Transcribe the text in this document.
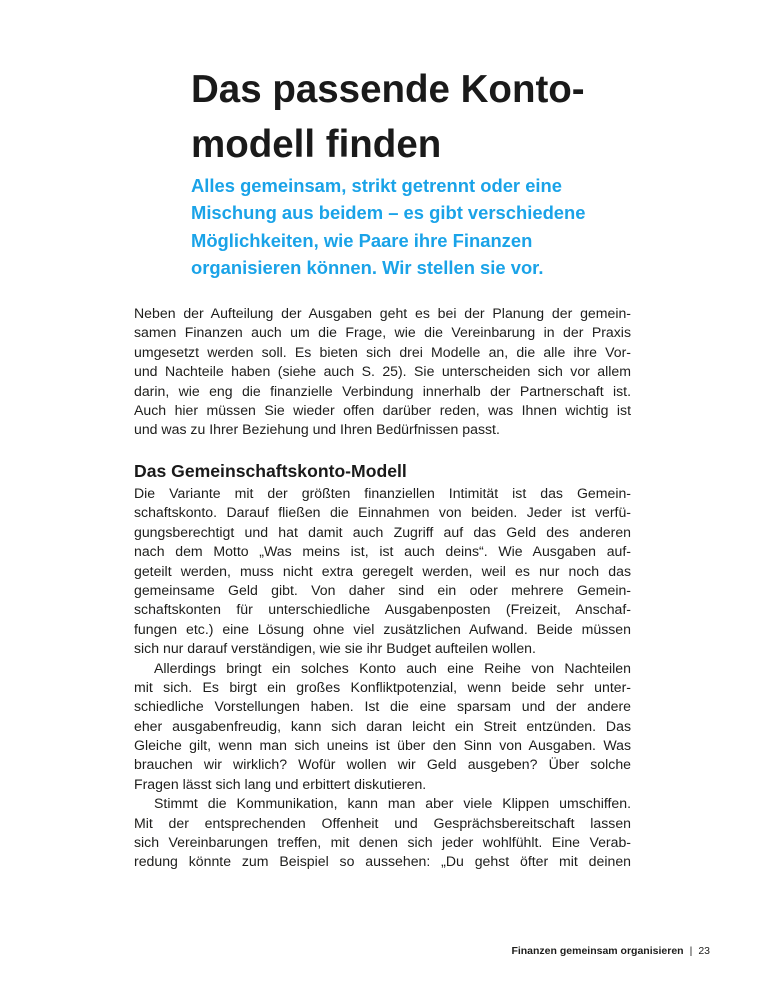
Das passende Konto-
modell finden
Alles gemeinsam, strikt getrennt oder eine
Mischung aus beidem – es gibt verschiedene
Möglichkeiten, wie Paare ihre Finanzen
organisieren können. Wir stellen sie vor.
Neben der Aufteilung der Ausgaben geht es bei der Planung der gemein-
samen Finanzen auch um die Frage, wie die Vereinbarung in der Praxis
umgesetzt werden soll. Es bieten sich drei Modelle an, die alle ihre Vor-
und Nachteile haben (siehe auch S. 25). Sie unterscheiden sich vor allem
darin, wie eng die finanzielle Verbindung innerhalb der Partnerschaft ist.
Auch hier müssen Sie wieder offen darüber reden, was Ihnen wichtig ist
und was zu Ihrer Beziehung und Ihren Bedürfnissen passt.
Das Gemeinschaftskonto-Modell
Die Variante mit der größten finanziellen Intimität ist das Gemein-
schaftskonto. Darauf fließen die Einnahmen von beiden. Jeder ist verfü-
gungsberechtigt und hat damit auch Zugriff auf das Geld des anderen
nach dem Motto „Was meins ist, ist auch deins“. Wie Ausgaben auf-
geteilt werden, muss nicht extra geregelt werden, weil es nur noch das
gemeinsame Geld gibt. Von daher sind ein oder mehrere Gemein-
schaftskonten für unterschiedliche Ausgabenposten (Freizeit, Anschaf-
fungen etc.) eine Lösung ohne viel zusätzlichen Aufwand. Beide müssen
sich nur darauf verständigen, wie sie ihr Budget aufteilen wollen.
Allerdings bringt ein solches Konto auch eine Reihe von Nachteilen
mit sich. Es birgt ein großes Konfliktpotenzial, wenn beide sehr unter-
schiedliche Vorstellungen haben. Ist die eine sparsam und der andere
eher ausgabenfreudig, kann sich daran leicht ein Streit entzünden. Das
Gleiche gilt, wenn man sich uneins ist über den Sinn von Ausgaben. Was
brauchen wir wirklich? Wofür wollen wir Geld ausgeben? Über solche
Fragen lässt sich lang und erbittert diskutieren.
Stimmt die Kommunikation, kann man aber viele Klippen umschiffen.
Mit der entsprechenden Offenheit und Gesprächsbereitschaft lassen
sich Vereinbarungen treffen, mit denen sich jeder wohlfühlt. Eine Verab-
redung könnte zum Beispiel so aussehen: „Du gehst öfter mit deinen
Finanzen gemeinsam organisieren | 23
